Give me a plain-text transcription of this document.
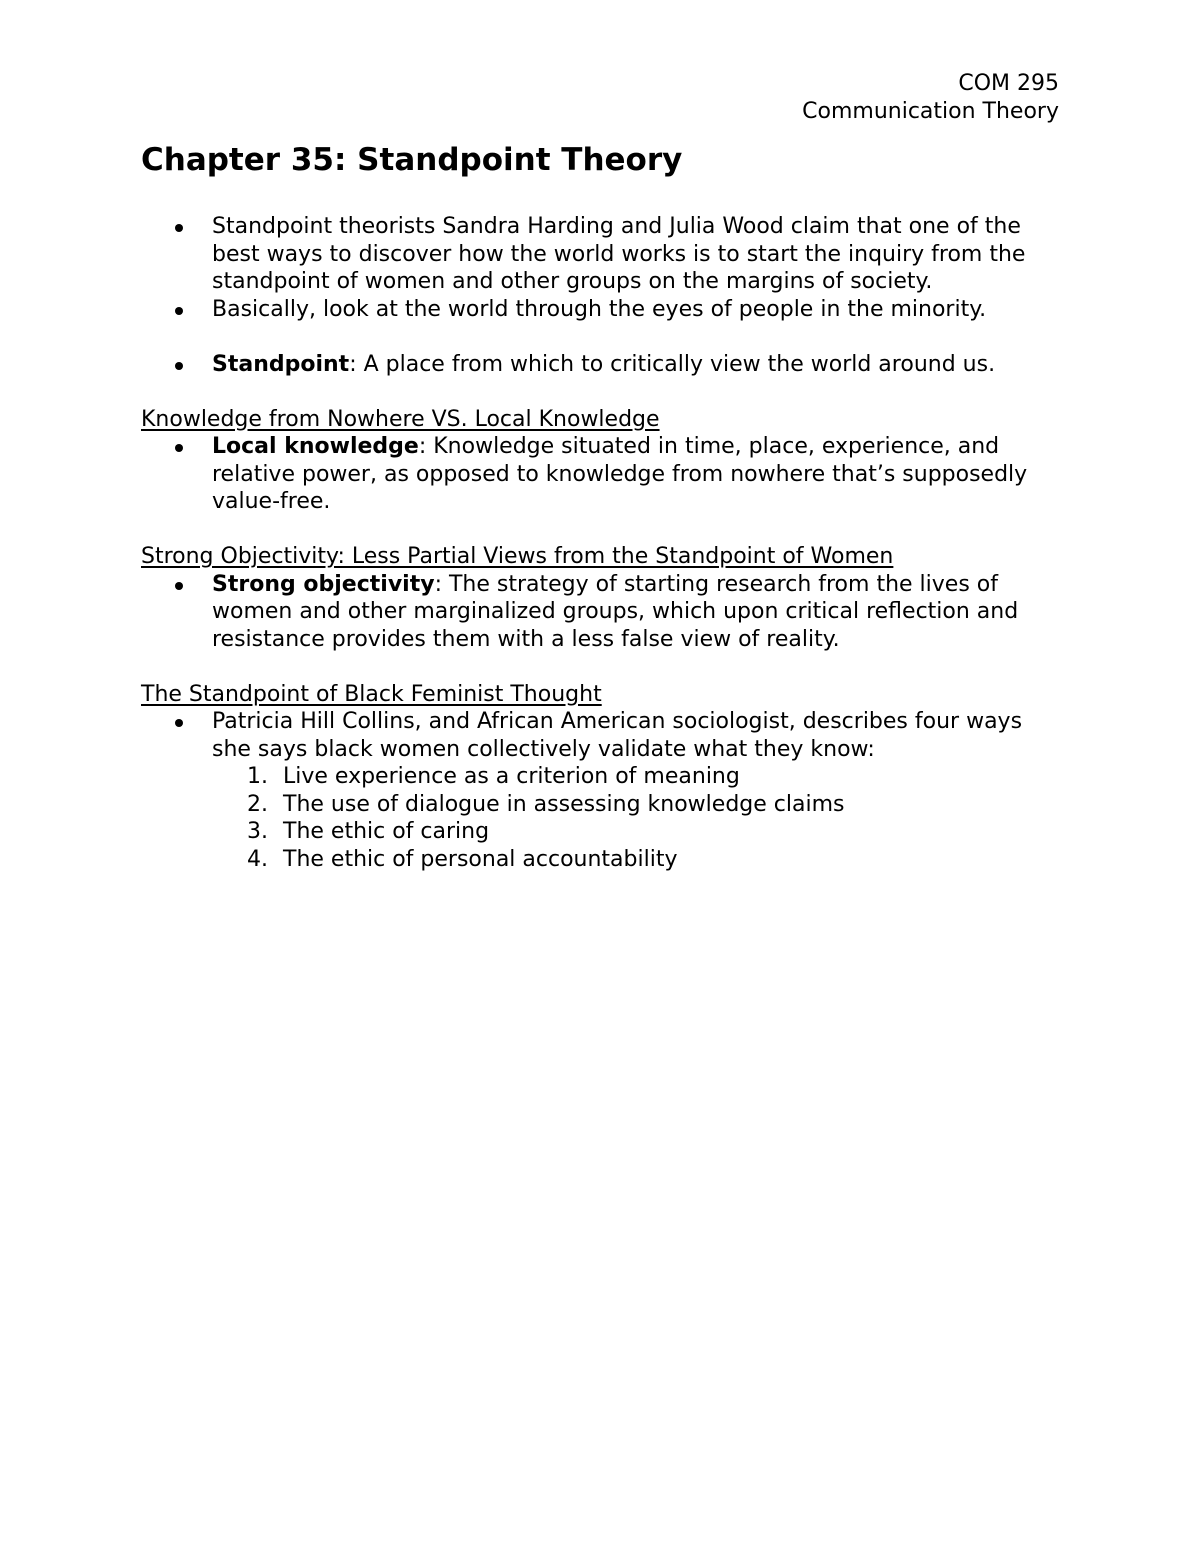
COM 295
Communication Theory
Chapter 35: Standpoint Theory
Standpoint theorists Sandra Harding and Julia Wood claim that one of the best ways to discover how the world works is to start the inquiry from the standpoint of women and other groups on the margins of society.
Basically, look at the world through the eyes of people in the minority.
Standpoint: A place from which to critically view the world around us.
Knowledge from Nowhere VS. Local Knowledge
Local knowledge: Knowledge situated in time, place, experience, and relative power, as opposed to knowledge from nowhere that’s supposedly value-free.
Strong Objectivity: Less Partial Views from the Standpoint of Women
Strong objectivity: The strategy of starting research from the lives of women and other marginalized groups, which upon critical reflection and resistance provides them with a less false view of reality.
The Standpoint of Black Feminist Thought
Patricia Hill Collins, and African American sociologist, describes four ways she says black women collectively validate what they know:
1. Live experience as a criterion of meaning
2. The use of dialogue in assessing knowledge claims
3. The ethic of caring
4. The ethic of personal accountability
